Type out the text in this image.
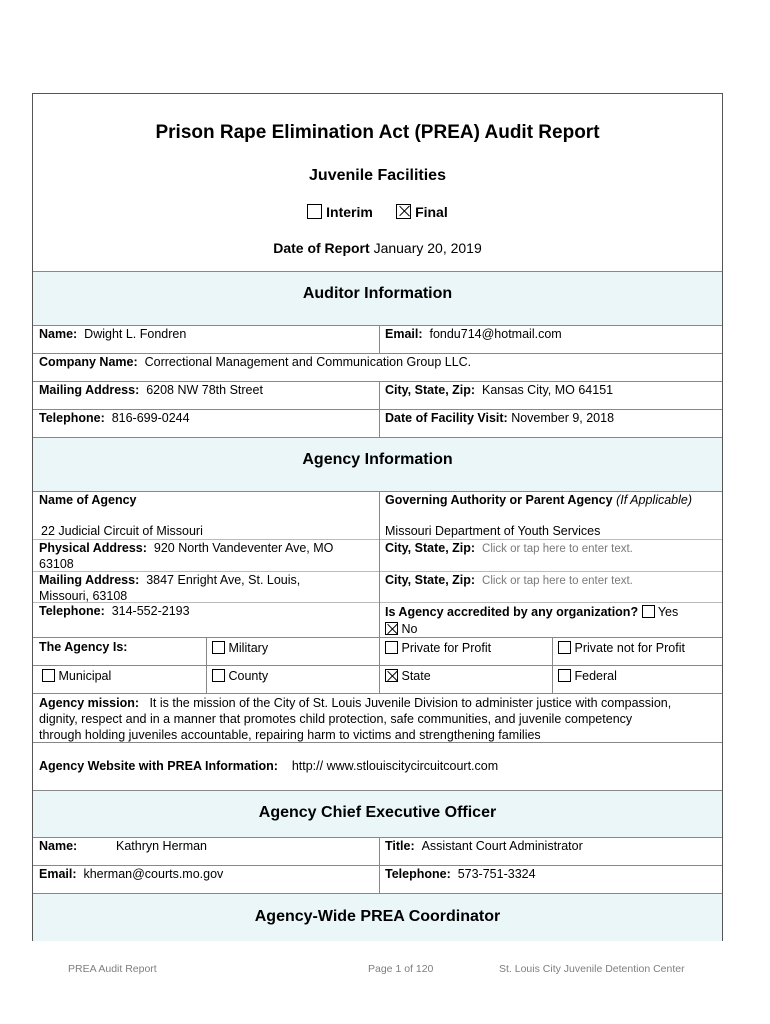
Prison Rape Elimination Act (PREA) Audit Report
Juvenile Facilities
Interim	Final
Date of Report January 20, 2019
Auditor Information
Name: Dwight L. Fondren	Email: fondu714@hotmail.com
Company Name: Correctional Management and Communication Group LLC.
Mailing Address: 6208 NW 78th Street	City, State, Zip: Kansas City, MO 64151
Telephone: 816-699-0244	Date of Facility Visit: November 9, 2018
Agency Information
Name of Agency	Governing Authority or Parent Agency (If Applicable)
22 Judicial Circuit of Missouri	Missouri Department of Youth Services
Physical Address: 920 North Vandeventer Ave, MO
63108
City, State, Zip: Click or tap here to enter text.
Mailing Address: 3847 Enright Ave, St. Louis,
Missouri, 63108
City, State, Zip: Click or tap here to enter text.
Telephone: 314-552-2193	Is Agency accredited by any organization? Yes
No
The Agency Is:	Military	Private for Profit	Private not for Profit
Municipal	County	State	Federal
Agency mission: It is the mission of the City of St. Louis Juvenile Division to administer justice with compassion,
dignity, respect and in a manner that promotes child protection, safe communities, and juvenile competency
through holding juveniles accountable, repairing harm to victims and strengthening families
Agency Website with PREA Information: http:// www.stlouiscitycircuitcourt.com
Agency Chief Executive Officer
Name:	Kathryn Herman	Title: Assistant Court Administrator
Email: kherman@courts.mo.gov	Telephone: 573-751-3324
Agency-Wide PREA Coordinator
PREA Audit Report	Page 1 of 120	St. Louis City Juvenile Detention Center
